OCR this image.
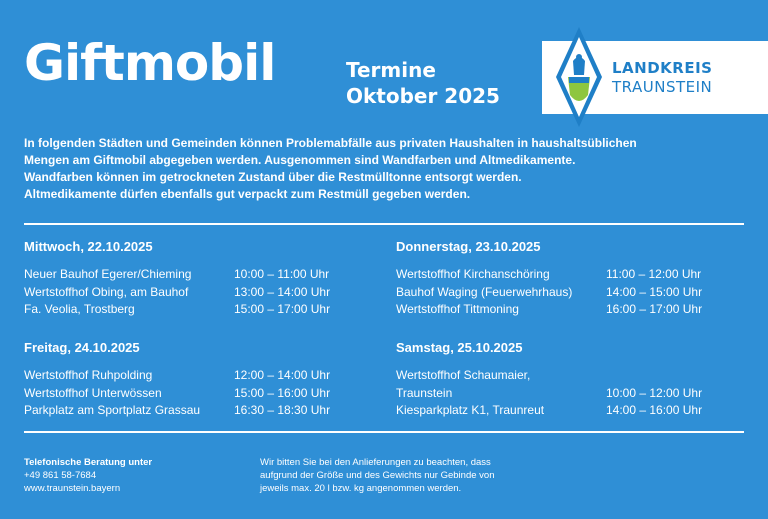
Giftmobil	Termine
Oktober 2025
LANDKREIS
TRAUNSTEIN

In folgenden Städten und Gemeinden können Problemabfälle aus privaten Haushalten in haushaltsüblichen

Mengen am Giftmobil abgegeben werden. Ausgenommen sind Wandfarben und Altmedikamente.

Wandfarben können im getrockneten Zustand über die Restmülltonne entsorgt werden.

Altmedikamente dürfen ebenfalls gut verpackt zum Restmüll gegeben werden.

Mittwoch, 22.10.2025
Neuer Bauhof Egerer/Chieming	10:00 – 11:00 Uhr
Wertstoffhof Obing, am Bauhof	13:00 – 14:00 Uhr
Fa. Veolia, Trostberg	15:00 – 17:00 Uhr
Donnerstag, 23.10.2025
Wertstoffhof Kirchanschöring	11:00 – 12:00 Uhr
Bauhof Waging (Feuerwehrhaus)	14:00 – 15:00 Uhr
Wertstoffhof Tittmoning	16:00 – 17:00 Uhr
Freitag, 24.10.2025
Wertstoffhof Ruhpolding	12:00 – 14:00 Uhr
Wertstoffhof Unterwössen	15:00 – 16:00 Uhr
Parkplatz am Sportplatz Grassau	16:30 – 18:30 Uhr
Samstag, 25.10.2025
Wertstoffhof Schaumaier,
Traunstein	10:00 – 12:00 Uhr
Kiesparkplatz K1, Traunreut	14:00 – 16:00 Uhr
Telefonische Beratung unter
+49 861 58-7684
www.traunstein.bayern
Wir bitten Sie bei den Anlieferungen zu beachten, dass
aufgrund der Größe und des Gewichts nur Gebinde von
jeweils max. 20 l bzw. kg angenommen werden.
